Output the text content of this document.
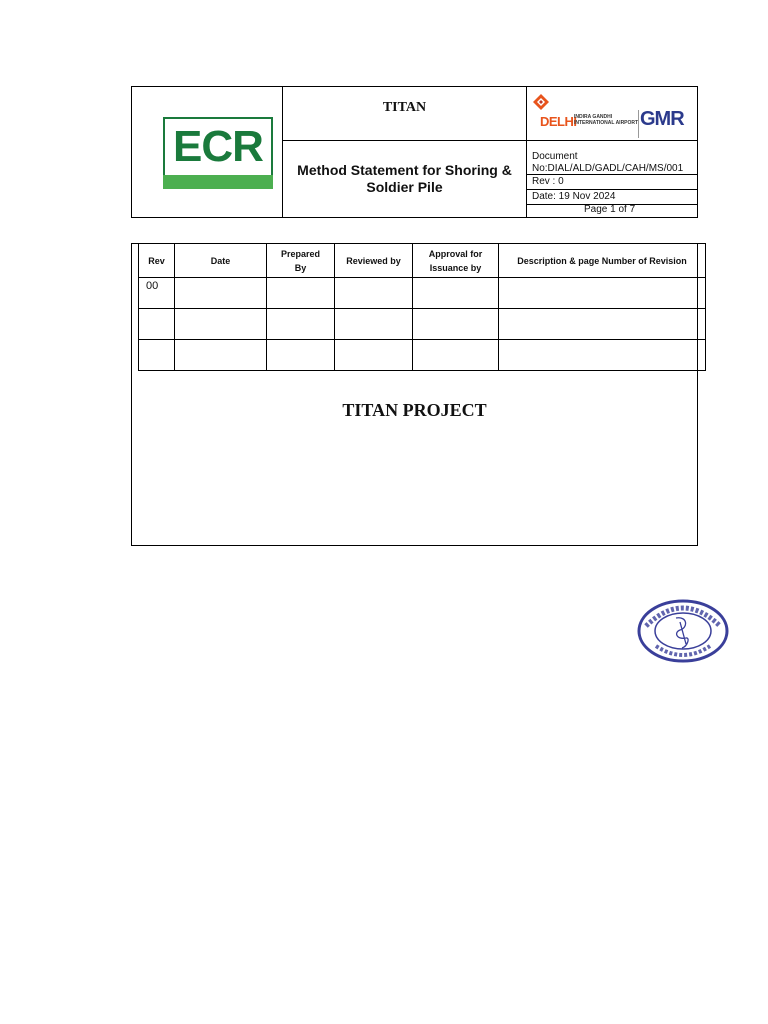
ECR
TITAN
Method Statement for Shoring & Soldier Pile
DELHI
INDIRA GANDHI INTERNATIONAL AIRPORT GMR
Document No:DIAL/ALD/GADL/CAH/MS/001
Rev : 0
Date: 19 Nov 2024
Page 1 of 7
Rev	Date	Prepared By	Reviewed by	Approval for Issuance by	Description & page Number of Revision
00					

TITAN PROJECT
